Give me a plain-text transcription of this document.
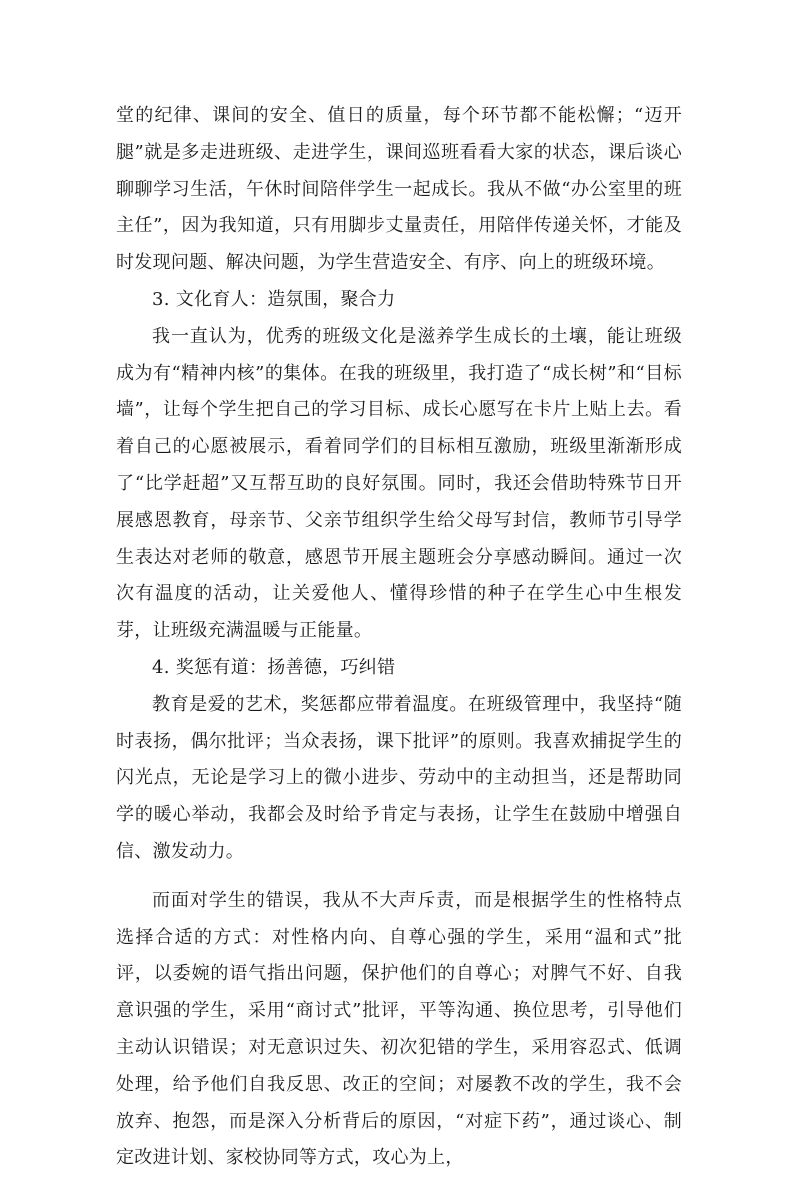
堂的纪律、课间的安全、值日的质量，每个环节都不能松懈；“迈开腿”就是多走进班级、走进学生，课间巡班看看大家的状态，课后谈心聊聊学习生活，午休时间陪伴学生一起成长。我从不做“办公室里的班主任”，因为我知道，只有用脚步丈量责任，用陪伴传递关怀，才能及时发现问题、解决问题，为学生营造安全、有序、向上的班级环境。

3. 文化育人：造氛围，聚合力

我一直认为，优秀的班级文化是滋养学生成长的土壤，能让班级成为有“精神内核”的集体。在我的班级里，我打造了“成长树”和“目标墙”，让每个学生把自己的学习目标、成长心愿写在卡片上贴上去。看着自己的心愿被展示，看着同学们的目标相互激励，班级里渐渐形成了“比学赶超”又互帮互助的良好氛围。同时，我还会借助特殊节日开展感恩教育，母亲节、父亲节组织学生给父母写封信，教师节引导学生表达对老师的敬意，感恩节开展主题班会分享感动瞬间。通过一次次有温度的活动，让关爱他人、懂得珍惜的种子在学生心中生根发芽，让班级充满温暖与正能量。

4. 奖惩有道：扬善德，巧纠错

教育是爱的艺术，奖惩都应带着温度。在班级管理中，我坚持“随时表扬，偶尔批评；当众表扬，课下批评”的原则。我喜欢捕捉学生的闪光点，无论是学习上的微小进步、劳动中的主动担当，还是帮助同学的暖心举动，我都会及时给予肯定与表扬，让学生在鼓励中增强自信、激发动力。

而面对学生的错误，我从不大声斥责，而是根据学生的性格特点选择合适的方式：对性格内向、自尊心强的学生，采用“温和式”批评，以委婉的语气指出问题，保护他们的自尊心；对脾气不好、自我意识强的学生，采用“商讨式”批评，平等沟通、换位思考，引导他们主动认识错误；对无意识过失、初次犯错的学生，采用容忍式、低调处理，给予他们自我反思、改正的空间；对屡教不改的学生，我不会放弃、抱怨，而是深入分析背后的原因，“对症下药”，通过谈心、制定改进计划、家校协同等方式，攻心为上，
